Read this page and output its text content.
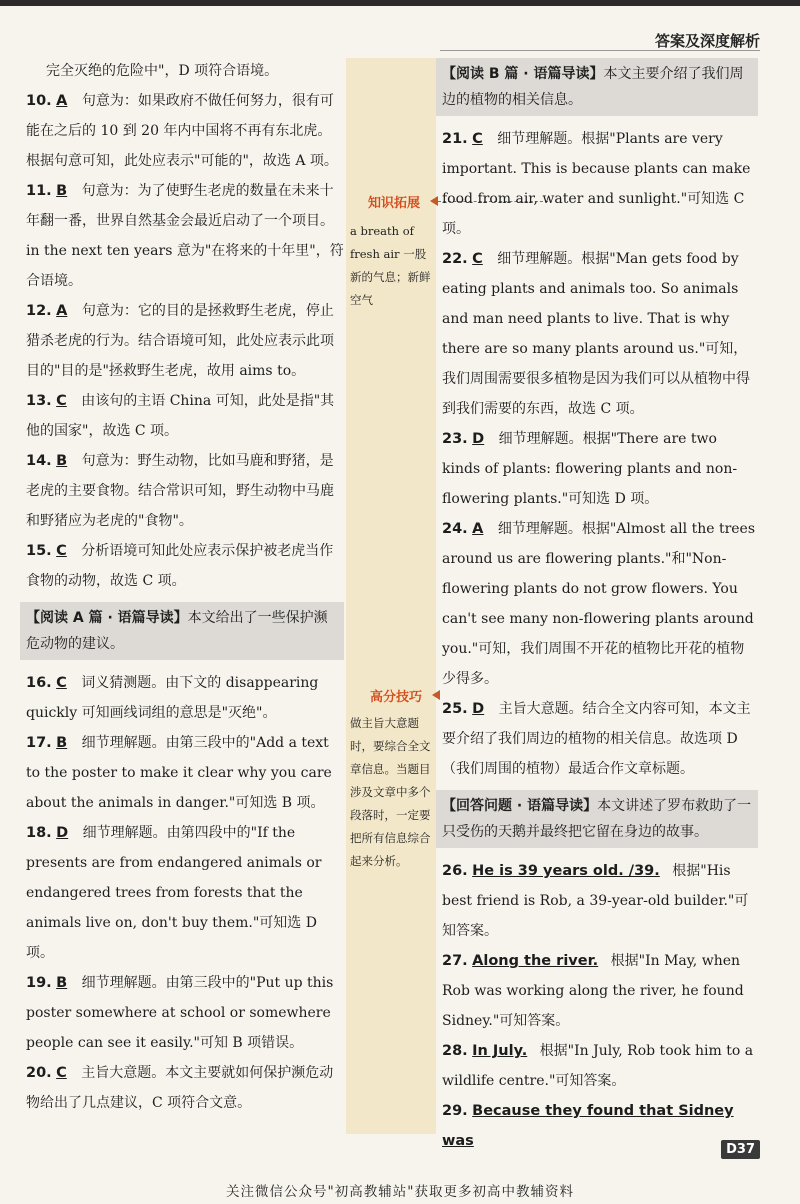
答案及深度解析
知识拓展
a breath of fresh air 一股新的气息；新鲜空气
高分技巧
做主旨大意题时，要综合全文章信息。当题目涉及文章中多个段落时，一定要把所有信息综合起来分析。
完全灭绝的危险中"，D 项符合语境。
10. A 句意为：如果政府不做任何努力，很有可能在之后的 10 到 20 年内中国将不再有东北虎。根据句意可知，此处应表示"可能的"，故选 A 项。
11. B 句意为：为了使野生老虎的数量在未来十年翻一番，世界自然基金会最近启动了一个项目。in the next ten years 意为"在将来的十年里"，符合语境。
12. A 句意为：它的目的是拯救野生老虎，停止猎杀老虎的行为。结合语境可知，此处应表示此项目的"目的是"拯救野生老虎，故用 aims to。
13. C 由该句的主语 China 可知，此处是指"其他的国家"，故选 C 项。
14. B 句意为：野生动物，比如马鹿和野猪，是老虎的主要食物。结合常识可知，野生动物中马鹿和野猪应为老虎的"食物"。
15. C 分析语境可知此处应表示保护被老虎当作食物的动物，故选 C 项。
【阅读 A 篇 · 语篇导读】本文给出了一些保护濒危动物的建议。
16. C 词义猜测题。由下文的 disappearing quickly 可知画线词组的意思是"灭绝"。
17. B 细节理解题。由第三段中的"Add a text to the poster to make it clear why you care about the animals in danger."可知选 B 项。
18. D 细节理解题。由第四段中的"If the presents are from endangered animals or endangered trees from forests that the animals live on, don't buy them."可知选 D 项。
19. B 细节理解题。由第三段中的"Put up this poster somewhere at school or somewhere people can see it easily."可知 B 项错误。
20. C 主旨大意题。本文主要就如何保护濒危动物给出了几点建议，C 项符合文意。
【阅读 B 篇 · 语篇导读】本文主要介绍了我们周边的植物的相关信息。
21. C 细节理解题。根据"Plants are very important. This is because plants can make food from air, water and sunlight."可知选 C 项。
22. C 细节理解题。根据"Man gets food by eating plants and animals too. So animals and man need plants to live. That is why there are so many plants around us."可知，我们周围需要很多植物是因为我们可以从植物中得到我们需要的东西，故选 C 项。
23. D 细节理解题。根据"There are two kinds of plants: flowering plants and non-flowering plants."可知选 D 项。
24. A 细节理解题。根据"Almost all the trees around us are flowering plants."和"Non-flowering plants do not grow flowers. You can't see many non-flowering plants around you."可知，我们周围不开花的植物比开花的植物少得多。
25. D 主旨大意题。结合全文内容可知，本文主要介绍了我们周边的植物的相关信息。故选项 D（我们周围的植物）最适合作文章标题。
【回答问题 · 语篇导读】本文讲述了罗布救助了一只受伤的天鹅并最终把它留在身边的故事。
26. He is 39 years old. /39. 根据"His best friend is Rob, a 39-year-old builder."可知答案。
27. Along the river. 根据"In May, when Rob was working along the river, he found Sidney."可知答案。
28. In July. 根据"In July, Rob took him to a wildlife centre."可知答案。
29. Because they found that Sidney was
D37
关注微信公众号"初高教辅站"获取更多初高中教辅资料
